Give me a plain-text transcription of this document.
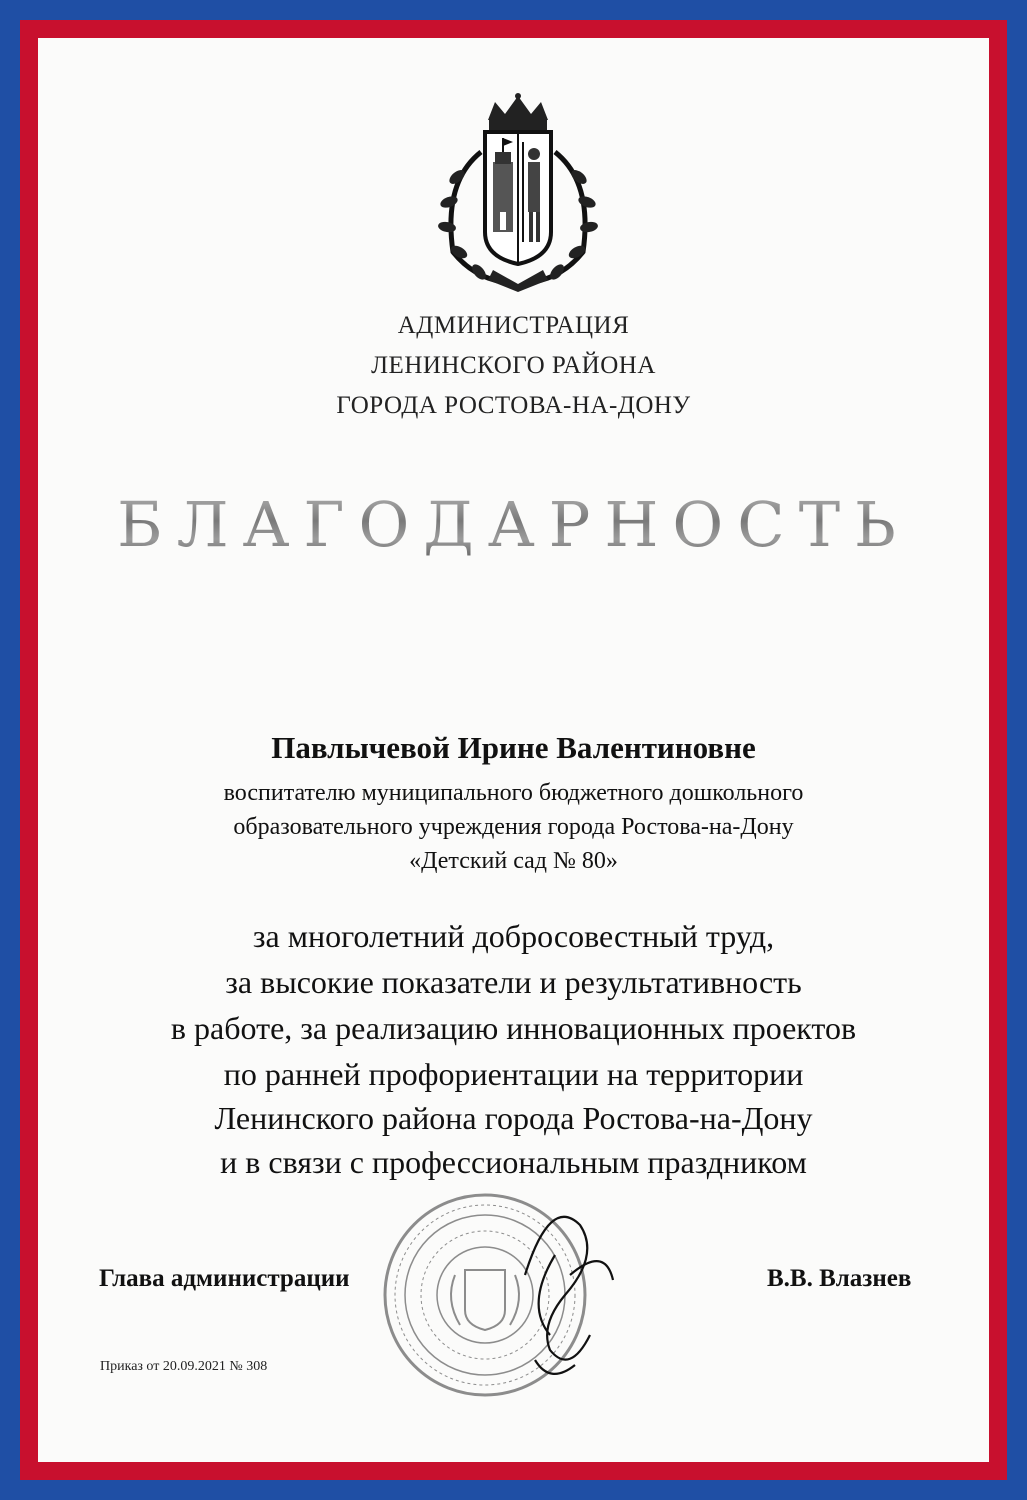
АДМИНИСТРАЦИЯ
ЛЕНИНСКОГО РАЙОНА
ГОРОДА РОСТОВА-НА-ДОНУ
БЛАГОДАРНОСТЬ
Павлычевой Ирине Валентиновне
воспитателю муниципального бюджетного дошкольного
образовательного учреждения города Ростова-на-Дону
«Детский сад № 80»
за многолетний добросовестный труд,
за высокие показатели и результативность
в работе, за реализацию инновационных проектов
по ранней профориентации на территории
Ленинского района города Ростова-на-Дону
и в связи с профессиональным праздником
Глава администрации	В.В. Влазнев
Приказ от 20.09.2021 № 308
